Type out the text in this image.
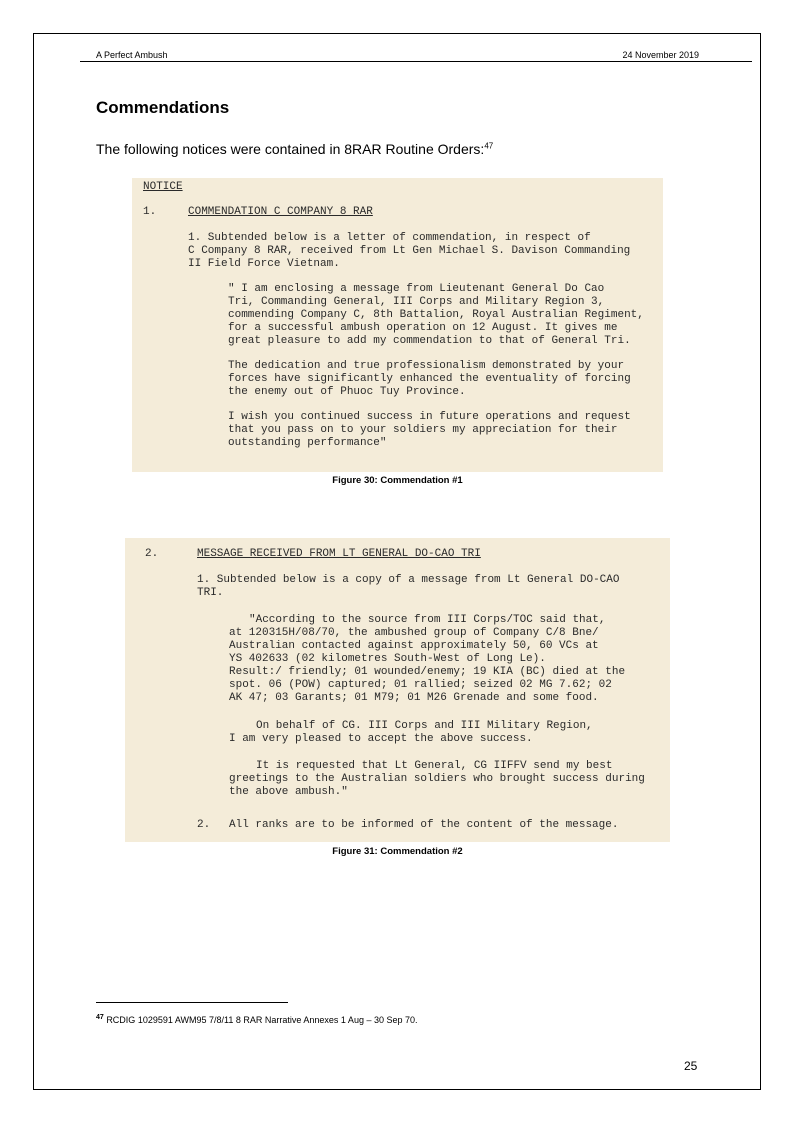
A Perfect Ambush	24 November 2019
Commendations
The following notices were contained in 8RAR Routine Orders:$^{47}$
NOTICE
1.	COMMENDATION C COMPANY 8 RAR
1. Subtended below is a letter of commendation, in respect of
C Company 8 RAR, received from Lt Gen Michael S. Davison Commanding
II Field Force Vietnam.
" I am enclosing a message from Lieutenant General Do Cao
Tri, Commanding General, III Corps and Military Region 3,
commending Company C, 8th Battalion, Royal Australian Regiment,
for a successful ambush operation on 12 August. It gives me
great pleasure to add my commendation to that of General Tri.
The dedication and true professionalism demonstrated by your
forces have significantly enhanced the eventuality of forcing
the enemy out of Phuoc Tuy Province.
I wish you continued success in future operations and request
that you pass on to your soldiers my appreciation for their
outstanding performance"
Figure 30: Commendation #1
2.	MESSAGE RECEIVED FROM LT GENERAL DO-CAO TRI
1. Subtended below is a copy of a message from Lt General DO-CAO
TRI.
"According to the source from III Corps/TOC said that,
at 120315H/08/70, the ambushed group of Company C/8 Bne/
Australian contacted against approximately 50, 60 VCs at
YS 402633 (02 kilometres South-West of Long Le).
Result:/ friendly; 01 wounded/enemy; 19 KIA (BC) died at the
spot. 06 (POW) captured; 01 rallied; seized 02 MG 7.62; 02
AK 47; 03 Garants; 01 M79; 01 M26 Grenade and some food.
On behalf of CG. III Corps and III Military Region,
I am very pleased to accept the above success.
It is requested that Lt General, CG IIFFV send my best
greetings to the Australian soldiers who brought success during
the above ambush."
2. All ranks are to be informed of the content of the message.
Figure 31: Commendation #2
$^{47}$ RCDIG 1029591 AWM95 7/8/11 8 RAR Narrative Annexes 1 Aug – 30 Sep 70.
25
